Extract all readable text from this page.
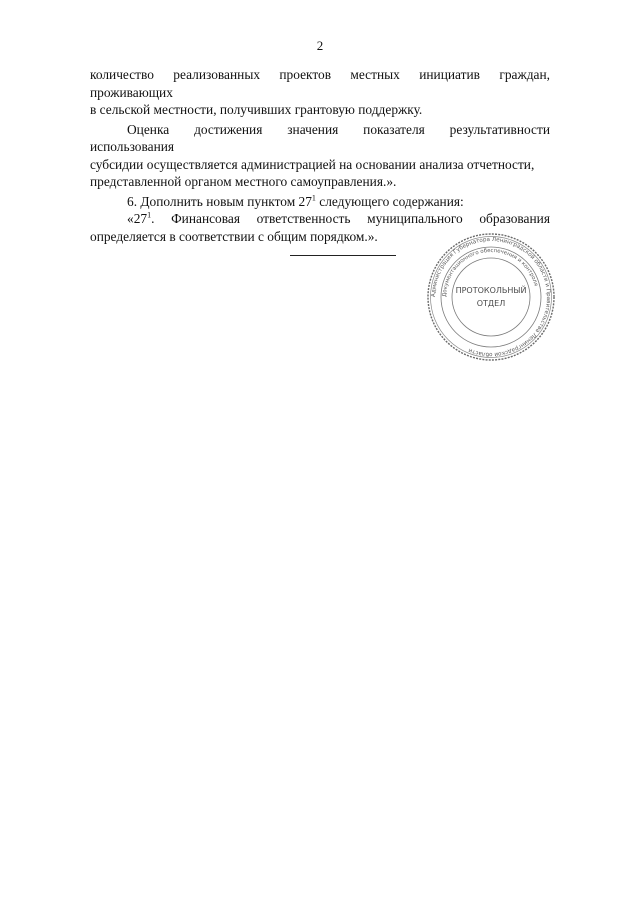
2

количество реализованных проектов местных инициатив граждан, проживающих
в сельской местности, получивших грантовую поддержку.

Оценка достижения значения показателя результативности использования
субсидии осуществляется администрацией на основании анализа отчетности,
представленной органом местного самоуправления.».

6. Дополнить новым пунктом $27^1$ следующего содержания:

«$27^1$. Финансовая ответственность муниципального образования

определяется в соответствии с общим порядком.».

Администрация Губернатора Ленинградской области и Правительства Ленинградской области
Документационного обеспечения и контроля
ПРОТОКОЛЬНЫЙ
ОТДЕЛ
